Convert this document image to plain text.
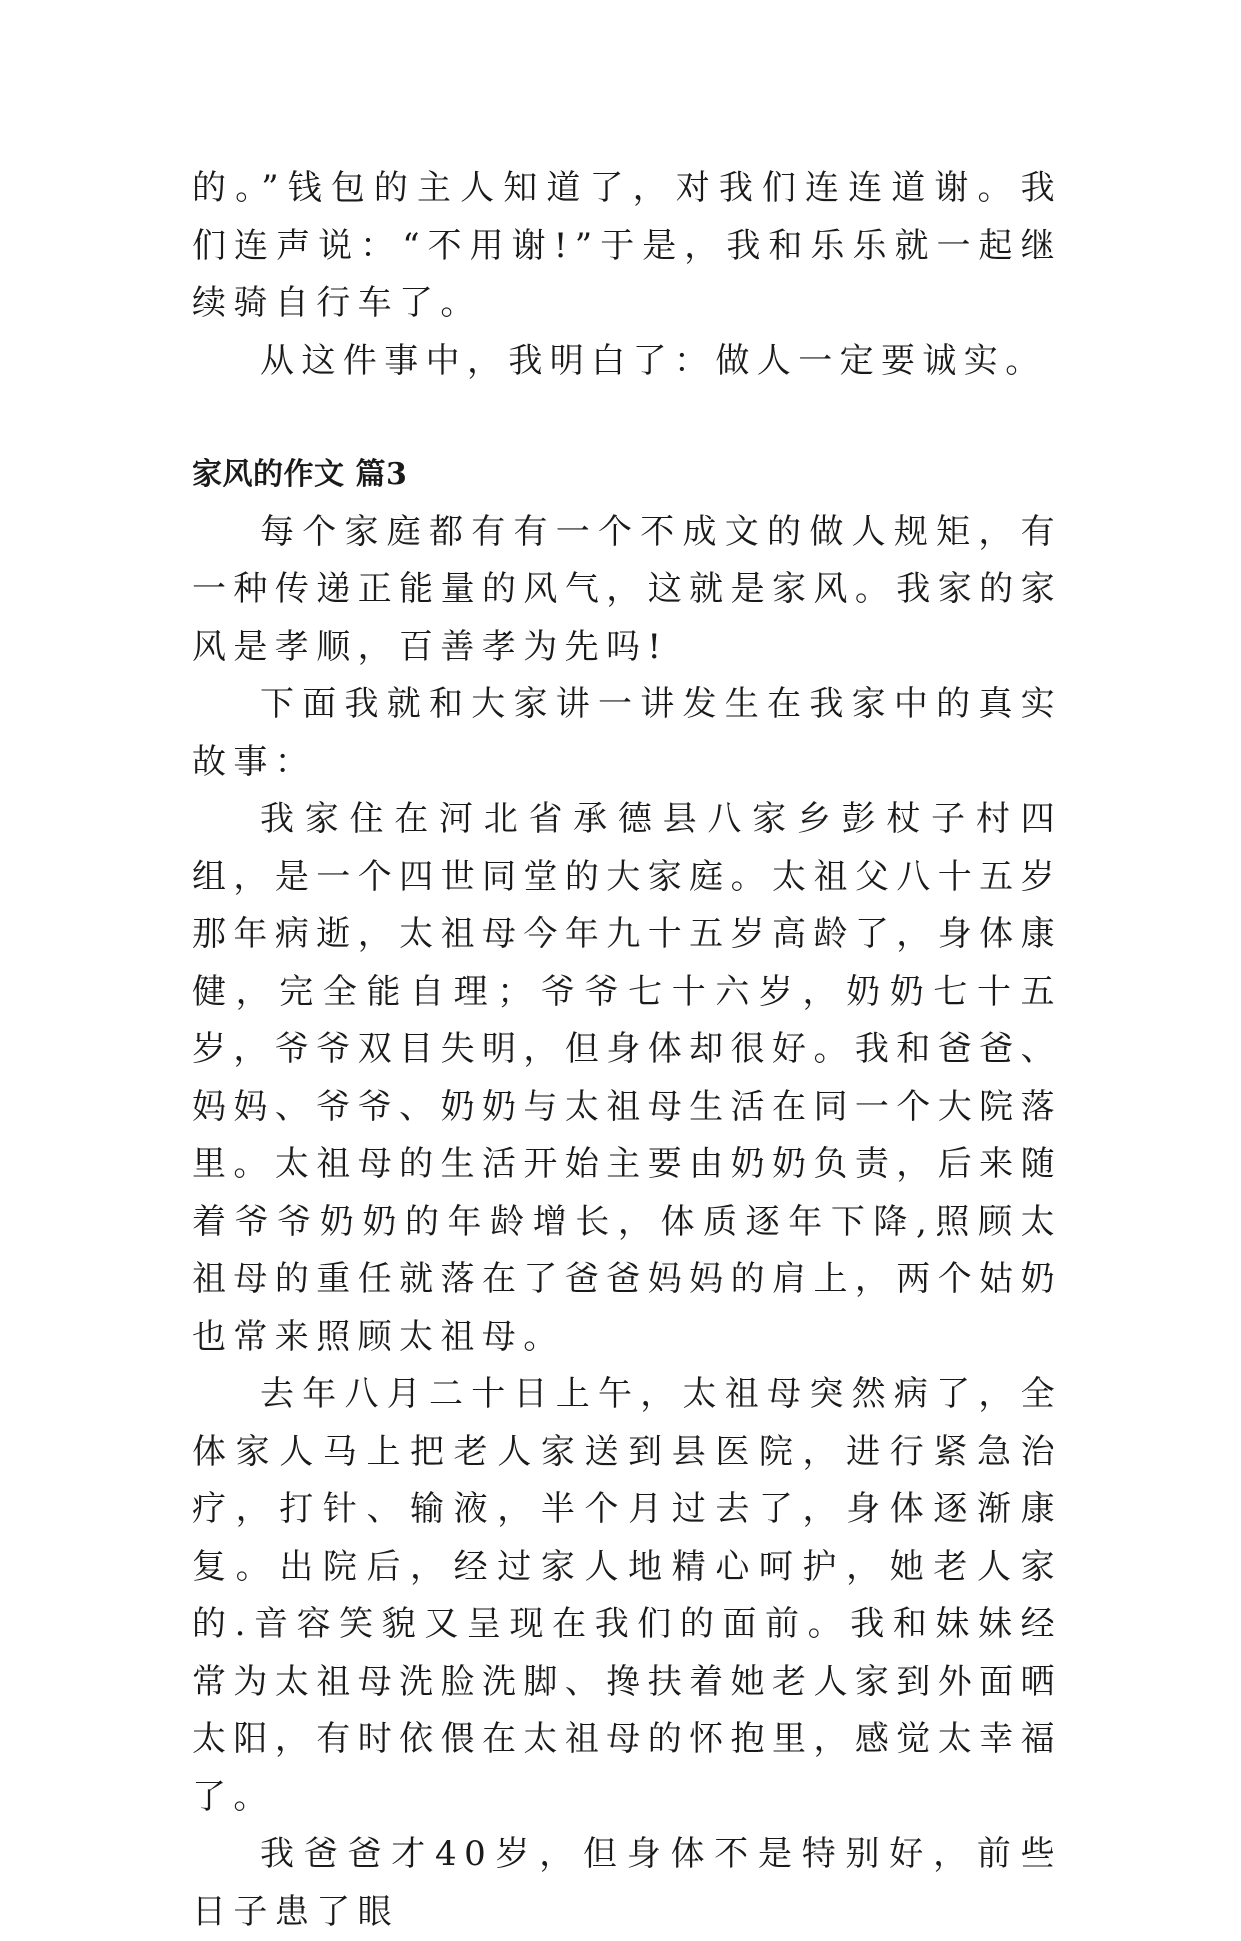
的。”钱包的主人知道了，对我们连连道谢。我们连声说：“不用谢!”于是，我和乐乐就一起继续骑自行车了。

从这件事中，我明白了：做人一定要诚实。

家风的作文 篇3

每个家庭都有有一个不成文的做人规矩，有一种传递正能量的风气，这就是家风。我家的家风是孝顺，百善孝为先吗!

下面我就和大家讲一讲发生在我家中的真实故事：

我家住在河北省承德县八家乡彭杖子村四组，是一个四世同堂的大家庭。太祖父八十五岁那年病逝，太祖母今年九十五岁高龄了，身体康健，完全能自理；爷爷七十六岁，奶奶七十五岁，爷爷双目失明，但身体却很好。我和爸爸、妈妈、爷爷、奶奶与太祖母生活在同一个大院落里。太祖母的生活开始主要由奶奶负责，后来随着爷爷奶奶的年龄增长，体质逐年下降,照顾太祖母的重任就落在了爸爸妈妈的肩上，两个姑奶也常来照顾太祖母。

去年八月二十日上午，太祖母突然病了，全体家人马上把老人家送到县医院，进行紧急治疗，打针、输液，半个月过去了，身体逐渐康复。出院后，经过家人地精心呵护，她老人家的.音容笑貌又呈现在我们的面前。我和妹妹经常为太祖母洗脸洗脚、搀扶着她老人家到外面晒太阳，有时依偎在太祖母的怀抱里，感觉太幸福了。

我爸爸才40岁，但身体不是特别好，前些日子患了眼
